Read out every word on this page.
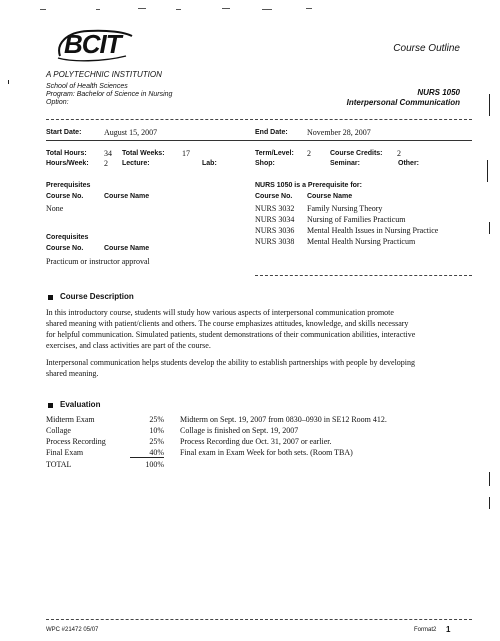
BCIT
A POLYTECHNIC INSTITUTION
School of Health Sciences
Program: Bachelor of Science in Nursing
Option:
Course Outline
NURS 1050
Interpersonal Communication
Start Date:	August 15, 2007	End Date: November 28, 2007
Total Hours: 34 Total Weeks: 17
Hours/Week: 2 Lecture:	Lab:
Term/Level: 2	Course Credits: 2
Shop:	Seminar:	Other:
Prerequisites
Course No.	Course Name
None
NURS 1050 is a Prerequisite for:
Course No. Course Name
NURS 3032 Family Nursing Theory
NURS 3034 Nursing of Families Practicum
NURS 3036 Mental Health Issues in Nursing Practice
NURS 3038 Mental Health Nursing Practicum
Corequisites
Course No.	Course Name
Practicum or instructor approval
Course Description
In this introductory course, students will study how various aspects of interpersonal communication promote
shared meaning with patient/clients and others. The course emphasizes attitudes, knowledge, and skills necessary
for helpful communication. Simulated patients, student demonstrations of their communication abilities, interactive
exercises, and class activities are part of the course.
Interpersonal communication helps students develop the ability to establish partnerships with people by developing
shared meaning.
Evaluation
Midterm Exam	25% Midterm on Sept. 19, 2007 from 0830–0930 in SE12 Room 412.
Collage	10% Collage is finished on Sept. 19, 2007
Process Recording	25% Process Recording due Oct. 31, 2007 or earlier.
Final Exam	40% Final exam in Exam Week for both sets. (Room TBA)
TOTAL	100%
WPC #21472 05/07	Format2 1
